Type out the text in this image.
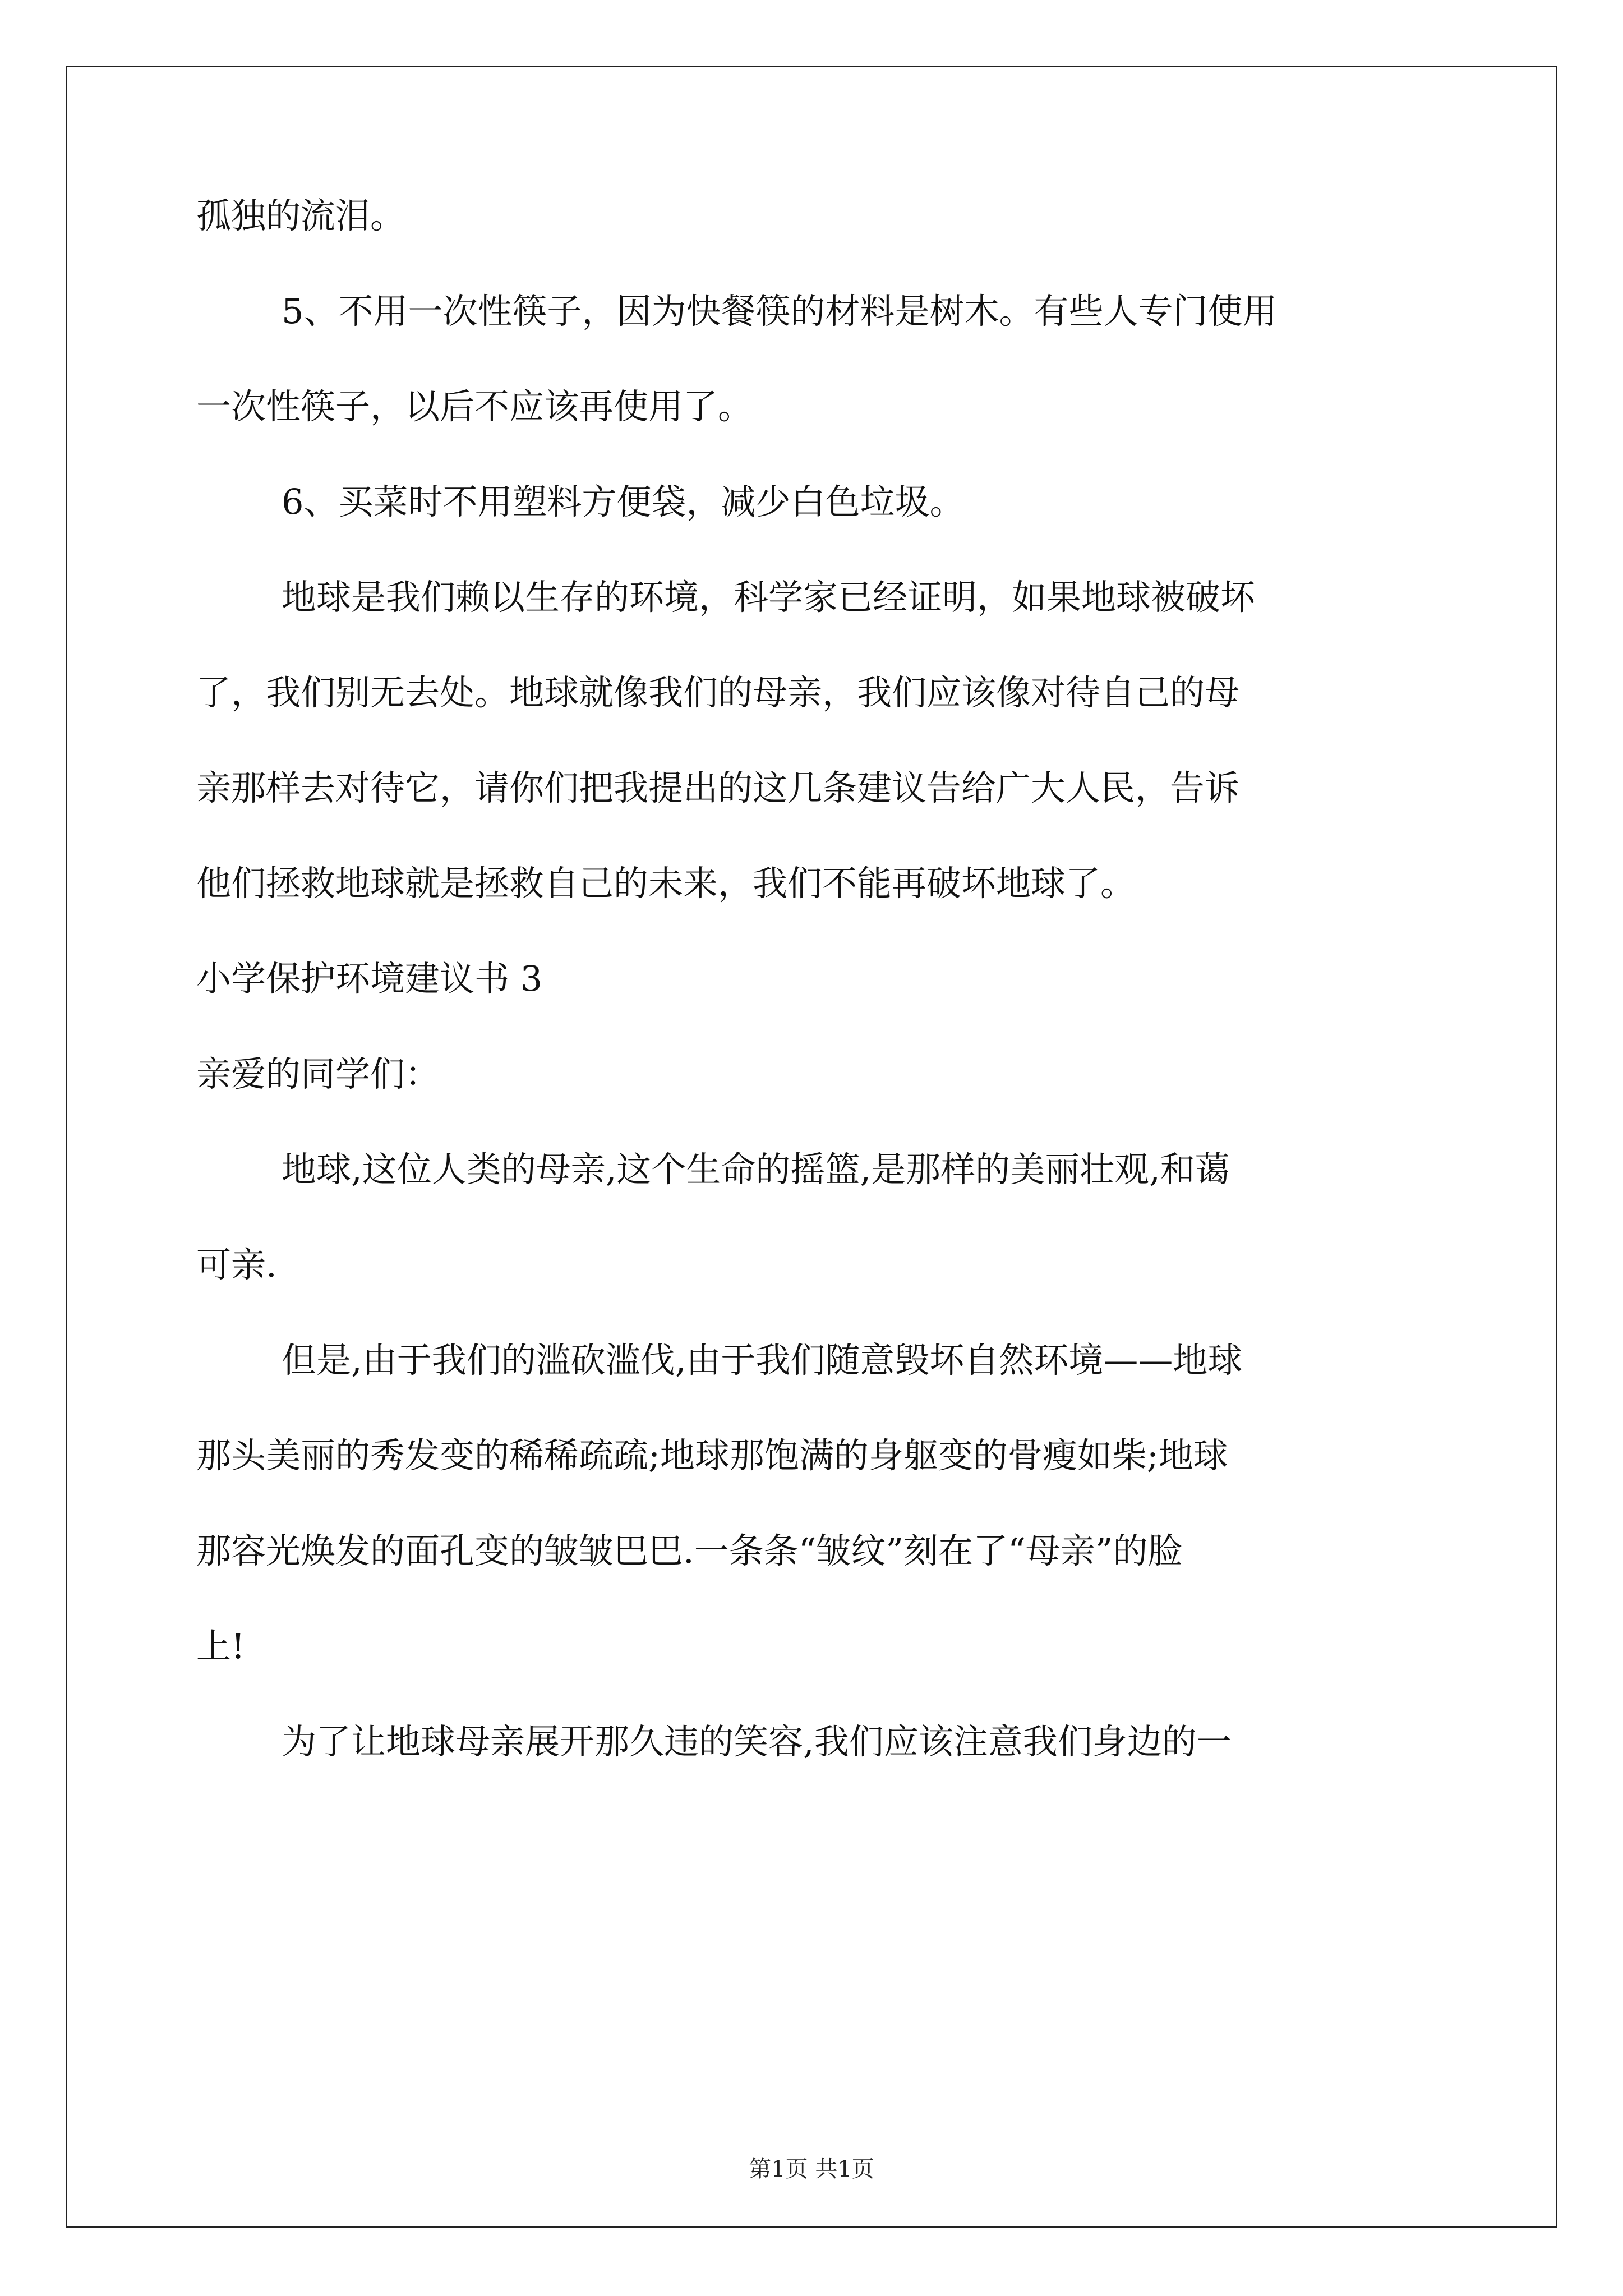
孤独的流泪。
5、不用一次性筷子，因为快餐筷的材料是树木。有些人专门使用
一次性筷子，以后不应该再使用了。
6、买菜时不用塑料方便袋，减少白色垃圾。
地球是我们赖以生存的环境，科学家已经证明，如果地球被破坏
了，我们别无去处。地球就像我们的母亲，我们应该像对待自己的母
亲那样去对待它，请你们把我提出的这几条建议告给广大人民，告诉
他们拯救地球就是拯救自己的未来，我们不能再破坏地球了。
小学保护环境建议书 3
亲爱的同学们：
地球,这位人类的母亲,这个生命的摇篮,是那样的美丽壮观,和蔼
可亲.
但是,由于我们的滥砍滥伐,由于我们随意毁坏自然环境——地球
那头美丽的秀发变的稀稀疏疏;地球那饱满的身躯变的骨瘦如柴;地球
那容光焕发的面孔变的皱皱巴巴.一条条“皱纹”刻在了“母亲”的脸
上!
为了让地球母亲展开那久违的笑容,我们应该注意我们身边的一
第1页 共1页
